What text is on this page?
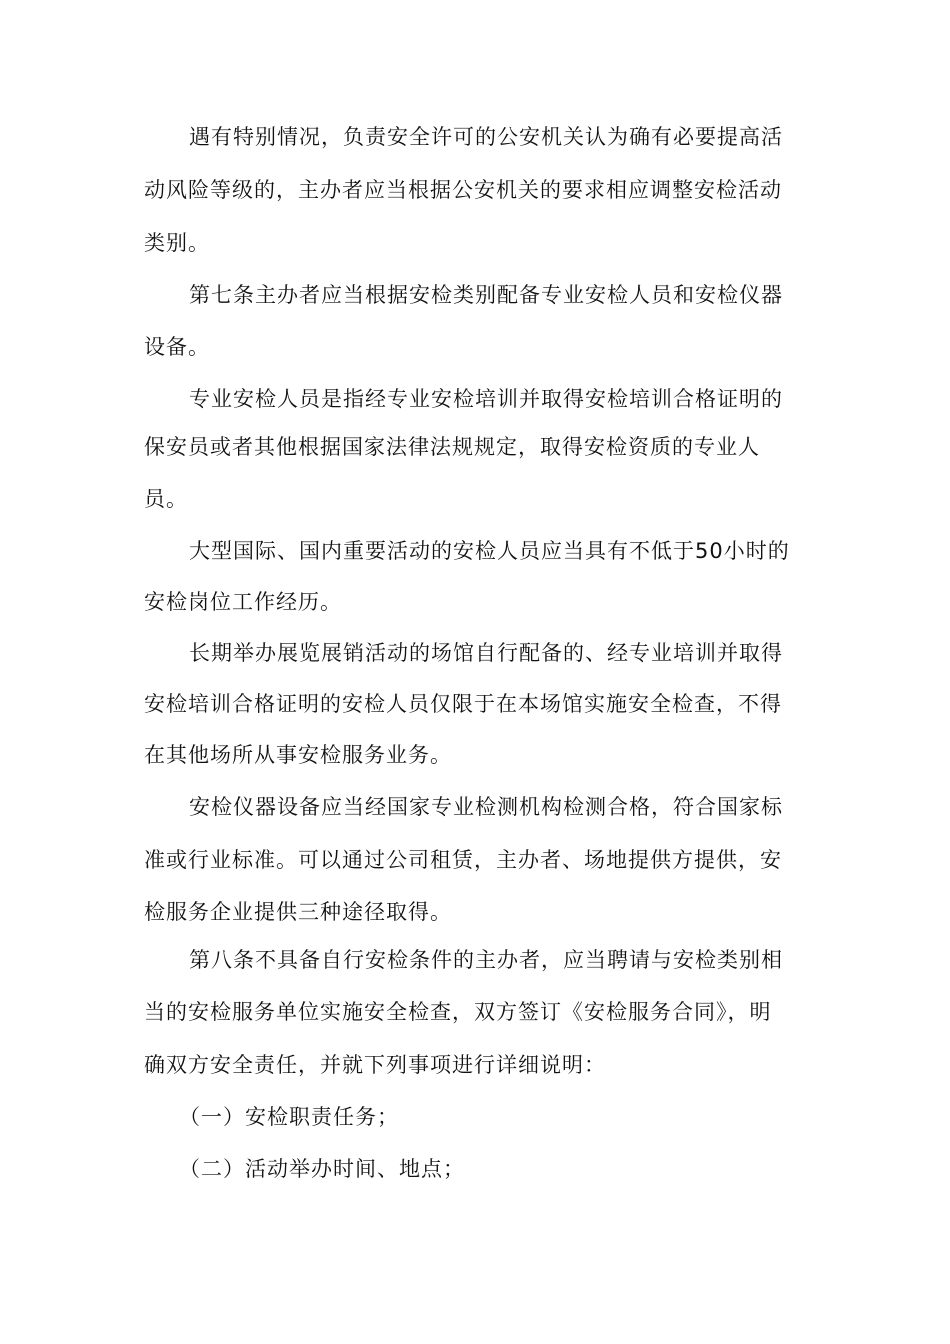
遇有特别情况，负责安全许可的公安机关认为确有必要提高活
动风险等级的，主办者应当根据公安机关的要求相应调整安检活动
类别。
第七条主办者应当根据安检类别配备专业安检人员和安检仪器
设备。
专业安检人员是指经专业安检培训并取得安检培训合格证明的
保安员或者其他根据国家法律法规规定，取得安检资质的专业人
员。
大型国际、国内重要活动的安检人员应当具有不低于50小时的
安检岗位工作经历。
长期举办展览展销活动的场馆自行配备的、经专业培训并取得
安检培训合格证明的安检人员仅限于在本场馆实施安全检查，不得
在其他场所从事安检服务业务。
安检仪器设备应当经国家专业检测机构检测合格，符合国家标
准或行业标准。可以通过公司租赁，主办者、场地提供方提供，安
检服务企业提供三种途径取得。
第八条不具备自行安检条件的主办者，应当聘请与安检类别相
当的安检服务单位实施安全检查，双方签订《安检服务合同》，明
确双方安全责任，并就下列事项进行详细说明：
（一）安检职责任务；
（二）活动举办时间、地点；
